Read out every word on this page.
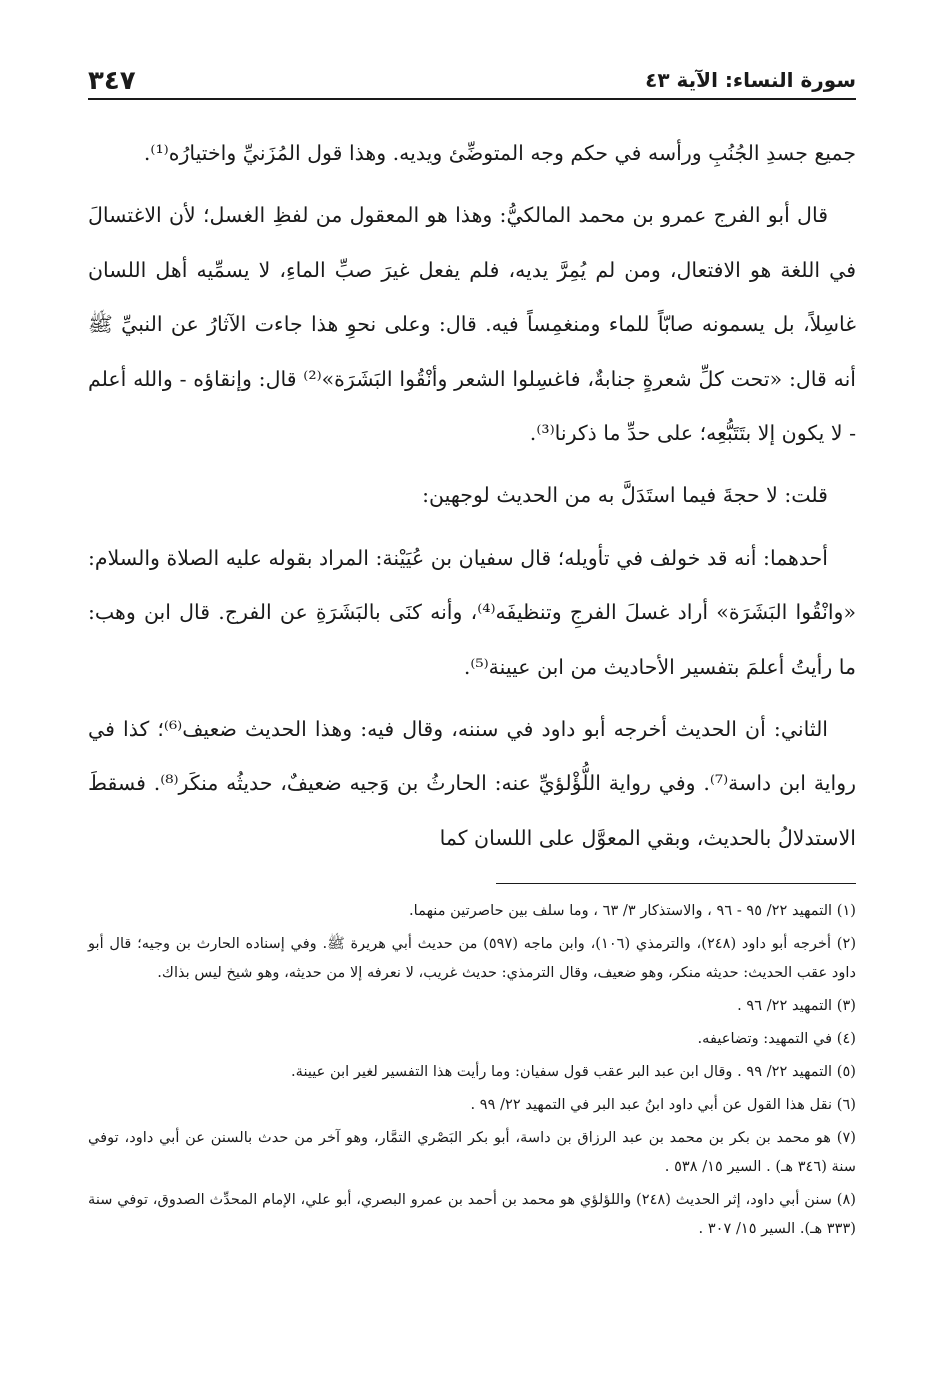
سورة النساء: الآية ٤٣
٣٤٧

جميع جسدِ الجُنُبِ ورأسه في حكم وجه المتوضِّئ ويديه. وهذا قول المُزَنيِّ واختيارُه⁽¹⁾.

قال أبو الفرج عمرو بن محمد المالكيُّ: وهذا هو المعقول من لفظِ الغسل؛ لأن الاغتسالَ في اللغة هو الافتعال، ومن لم يُمِرَّ يديه، فلم يفعل غيرَ صبِّ الماءِ، لا يسمِّيه أهل اللسان غاسِلاً، بل يسمونه صابّاً للماء ومنغمِساً فيه. قال: وعلى نحوِ هذا جاءت الآثارُ عن النبيِّ ﷺ أنه قال: «تحت كلِّ شعرةٍ جنابةٌ، فاغسِلوا الشعر وأنْقُوا البَشَرَة»⁽²⁾ قال: وإنقاؤه - والله أعلم - لا يكون إلا بتَتَبُّعِه؛ على حدِّ ما ذكرنا⁽³⁾.

قلت: لا حجةَ فيما استَدَلَّ به من الحديث لوجهين:

أحدهما: أنه قد خولف في تأويله؛ قال سفيان بن عُيَيْنة: المراد بقوله عليه الصلاة والسلام: «وانْقُوا البَشَرَة» أراد غسلَ الفرجِ وتنظيفَه⁽⁴⁾، وأنه كنَى بالبَشَرَةِ عن الفرج. قال ابن وهب: ما رأيتُ أعلمَ بتفسير الأحاديث من ابن عيينة⁽⁵⁾.

الثاني: أن الحديث أخرجه أبو داود في سننه، وقال فيه: وهذا الحديث ضعيف⁽⁶⁾؛ كذا في رواية ابن داسة⁽⁷⁾. وفي رواية اللُّؤْلؤيِّ عنه: الحارثُ بن وَجيه ضعيفٌ، حديثُه منكَر⁽⁸⁾. فسقطَ الاستدلالُ بالحديث، وبقي المعوَّل على اللسان كما

(١) التمهيد ٢٢/ ٩٥ - ٩٦ ، والاستذكار ٣/ ٦٣ ، وما سلف بين حاصرتين منهما.
(٢) أخرجه أبو داود (٢٤٨)، والترمذي (١٠٦)، وابن ماجه (٥٩٧) من حديث أبي هريرة ﷺ. وفي إسناده الحارث بن وجيه؛ قال أبو داود عقب الحديث: حديثه منكر، وهو ضعيف، وقال الترمذي: حديث غريب، لا نعرفه إلا من حديثه، وهو شيخ ليس بذاك.
(٣) التمهيد ٢٢/ ٩٦ .
(٤) في التمهيد: وتضاعيفه.
(٥) التمهيد ٢٢/ ٩٩ . وقال ابن عبد البر عقب قول سفيان: وما رأيت هذا التفسير لغير ابن عيينة.
(٦) نقل هذا القول عن أبي داود ابنُ عبد البر في التمهيد ٢٢/ ٩٩ .
(٧) هو محمد بن بكر بن محمد بن عبد الرزاق بن داسة، أبو بكر البَصْري التمَّار، وهو آخر من حدث بالسنن عن أبي داود، توفي سنة (٣٤٦ هـ) . السير ١٥/ ٥٣٨ .
(٨) سنن أبي داود، إثر الحديث (٢٤٨) واللؤلؤي هو محمد بن أحمد بن عمرو البصري، أبو علي، الإمام المحدِّث الصدوق، توفي سنة (٣٣٣ هـ). السير ١٥/ ٣٠٧ .
